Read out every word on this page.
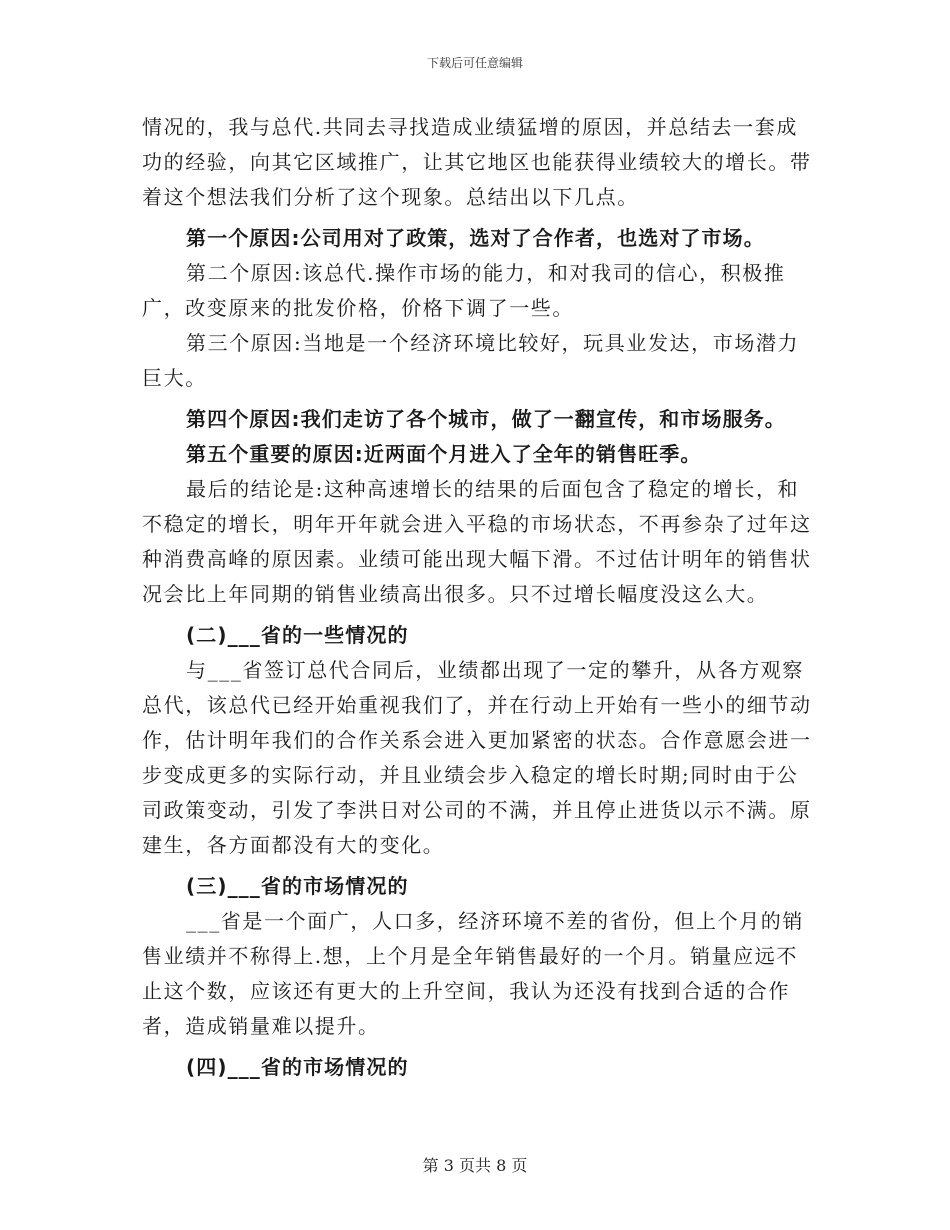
下载后可任意编辑

情况的，我与总代.共同去寻找造成业绩猛增的原因，并总结去一套成功的经验，向其它区域推广，让其它地区也能获得业绩较大的增长。带着这个想法我们分析了这个现象。总结出以下几点。

第一个原因:公司用对了政策，选对了合作者，也选对了市场。

第二个原因:该总代.操作市场的能力，和对我司的信心，积极推广，改变原来的批发价格，价格下调了一些。

第三个原因:当地是一个经济环境比较好，玩具业发达，市场潜力巨大。

第四个原因:我们走访了各个城市，做了一翻宣传，和市场服务。

第五个重要的原因:近两面个月进入了全年的销售旺季。

最后的结论是:这种高速增长的结果的后面包含了稳定的增长，和不稳定的增长，明年开年就会进入平稳的市场状态，不再参杂了过年这种消费高峰的原因素。业绩可能出现大幅下滑。不过估计明年的销售状况会比上年同期的销售业绩高出很多。只不过增长幅度没这么大。

(二)___省的一些情况的

与___省签订总代合同后，业绩都出现了一定的攀升，从各方观察总代，该总代已经开始重视我们了，并在行动上开始有一些小的细节动作，估计明年我们的合作关系会进入更加紧密的状态。合作意愿会进一步变成更多的实际行动，并且业绩会步入稳定的增长时期;同时由于公司政策变动，引发了李洪日对公司的不满，并且停止进货以示不满。原建生，各方面都没有大的变化。

(三)___省的市场情况的

___省是一个面广，人口多，经济环境不差的省份，但上个月的销售业绩并不称得上.想，上个月是全年销售最好的一个月。销量应远不止这个数，应该还有更大的上升空间，我认为还没有找到合适的合作者，造成销量难以提升。

(四)___省的市场情况的

第 3 页共 8 页
